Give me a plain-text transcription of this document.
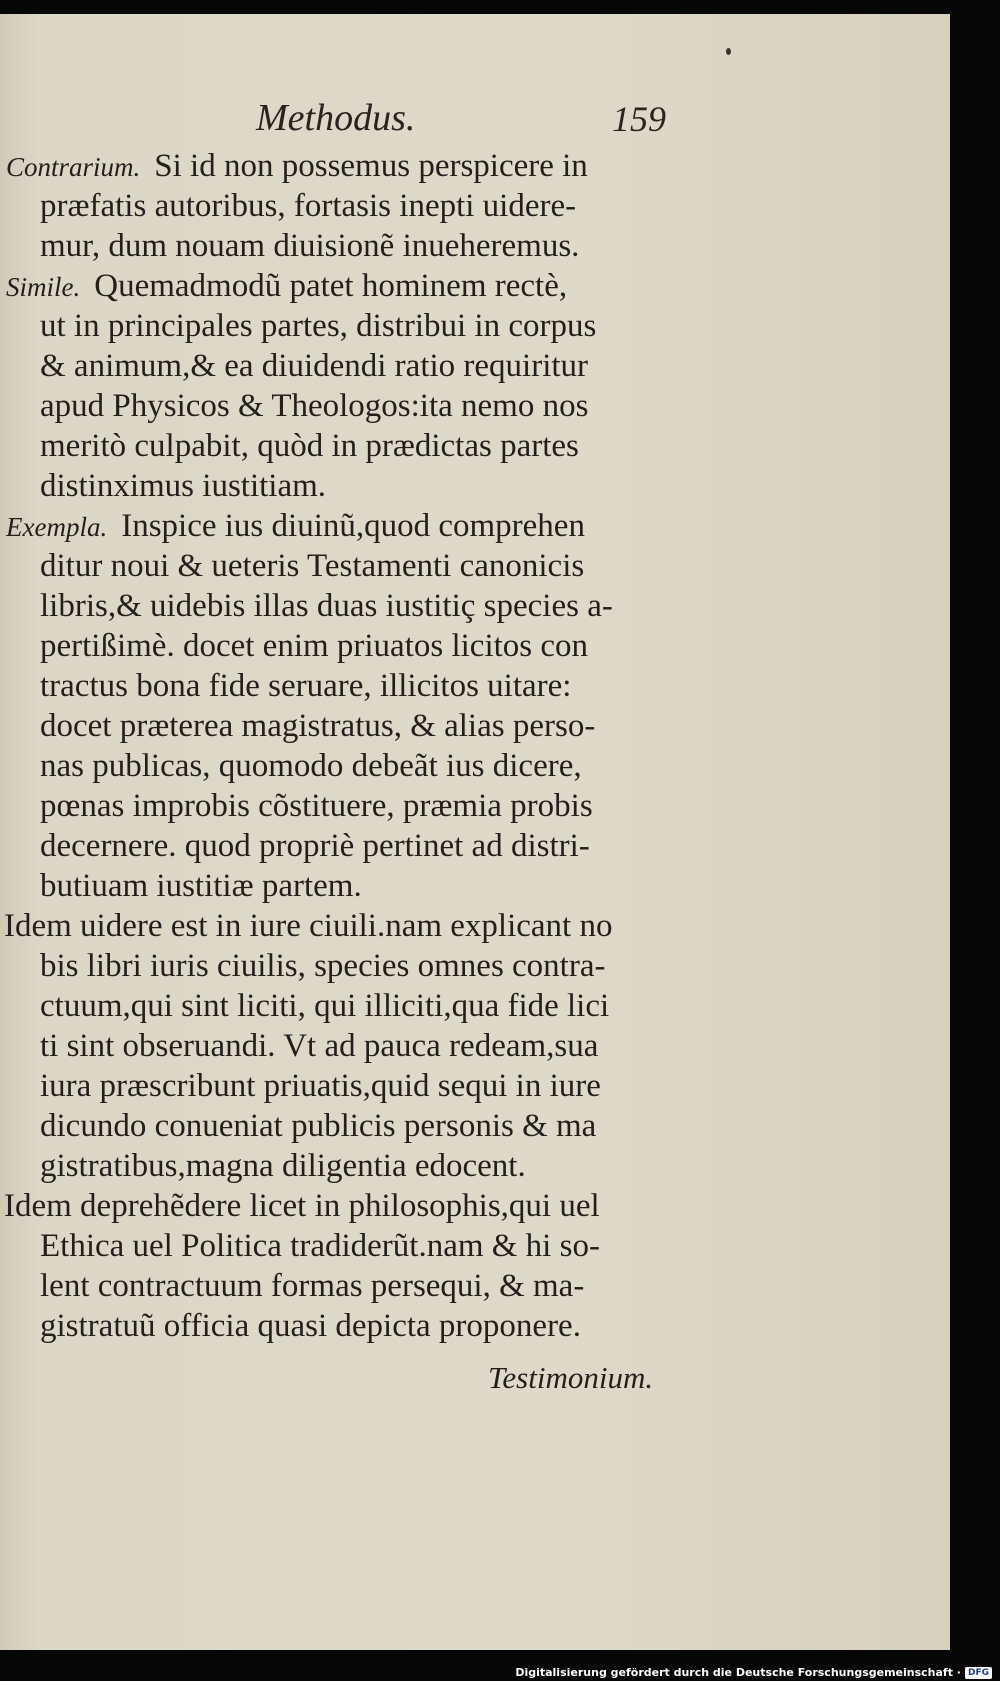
Methodus.	159
Contrarium. Si id non possemus perspicere in
præfatis autoribus, fortasis inepti uidere-
mur, dum nouam diuisionẽ inueheremus.
Simile. Quemadmodũ patet hominem rectè,
ut in principales partes, distribui in corpus
& animum,& ea diuidendi ratio requiritur
apud Physicos & Theologos:ita nemo nos
meritò culpabit, quòd in prædictas partes
distinximus iustitiam.
Exempla. Inspice ius diuinũ,quod comprehen
ditur noui & ueteris Testamenti canonicis
libris,& uidebis illas duas iustitiç species a-
pertißimè. docet enim priuatos licitos con
tractus bona fide seruare, illicitos uitare:
docet præterea magistratus, & alias perso-
nas publicas, quomodo debeãt ius dicere,
pœnas improbis cõstituere, præmia probis
decernere. quod propriè pertinet ad distri-
butiuam iustitiæ partem.
Idem uidere est in iure ciuili.nam explicant no
bis libri iuris ciuilis, species omnes contra-
ctuum,qui sint liciti, qui illiciti,qua fide lici
ti sint obseruandi. Vt ad pauca redeam,sua
iura præscribunt priuatis,quid sequi in iure
dicundo conueniat publicis personis & ma
gistratibus,magna diligentia edocent.
Idem deprehẽdere licet in philosophis,qui uel
Ethica uel Politica tradiderũt.nam & hi so-
lent contractuum formas persequi, & ma-
gistratuũ officia quasi depicta proponere.
Testimonium.
Digitalisierung gefördert durch die Deutsche Forschungsgemeinschaft · DFG
